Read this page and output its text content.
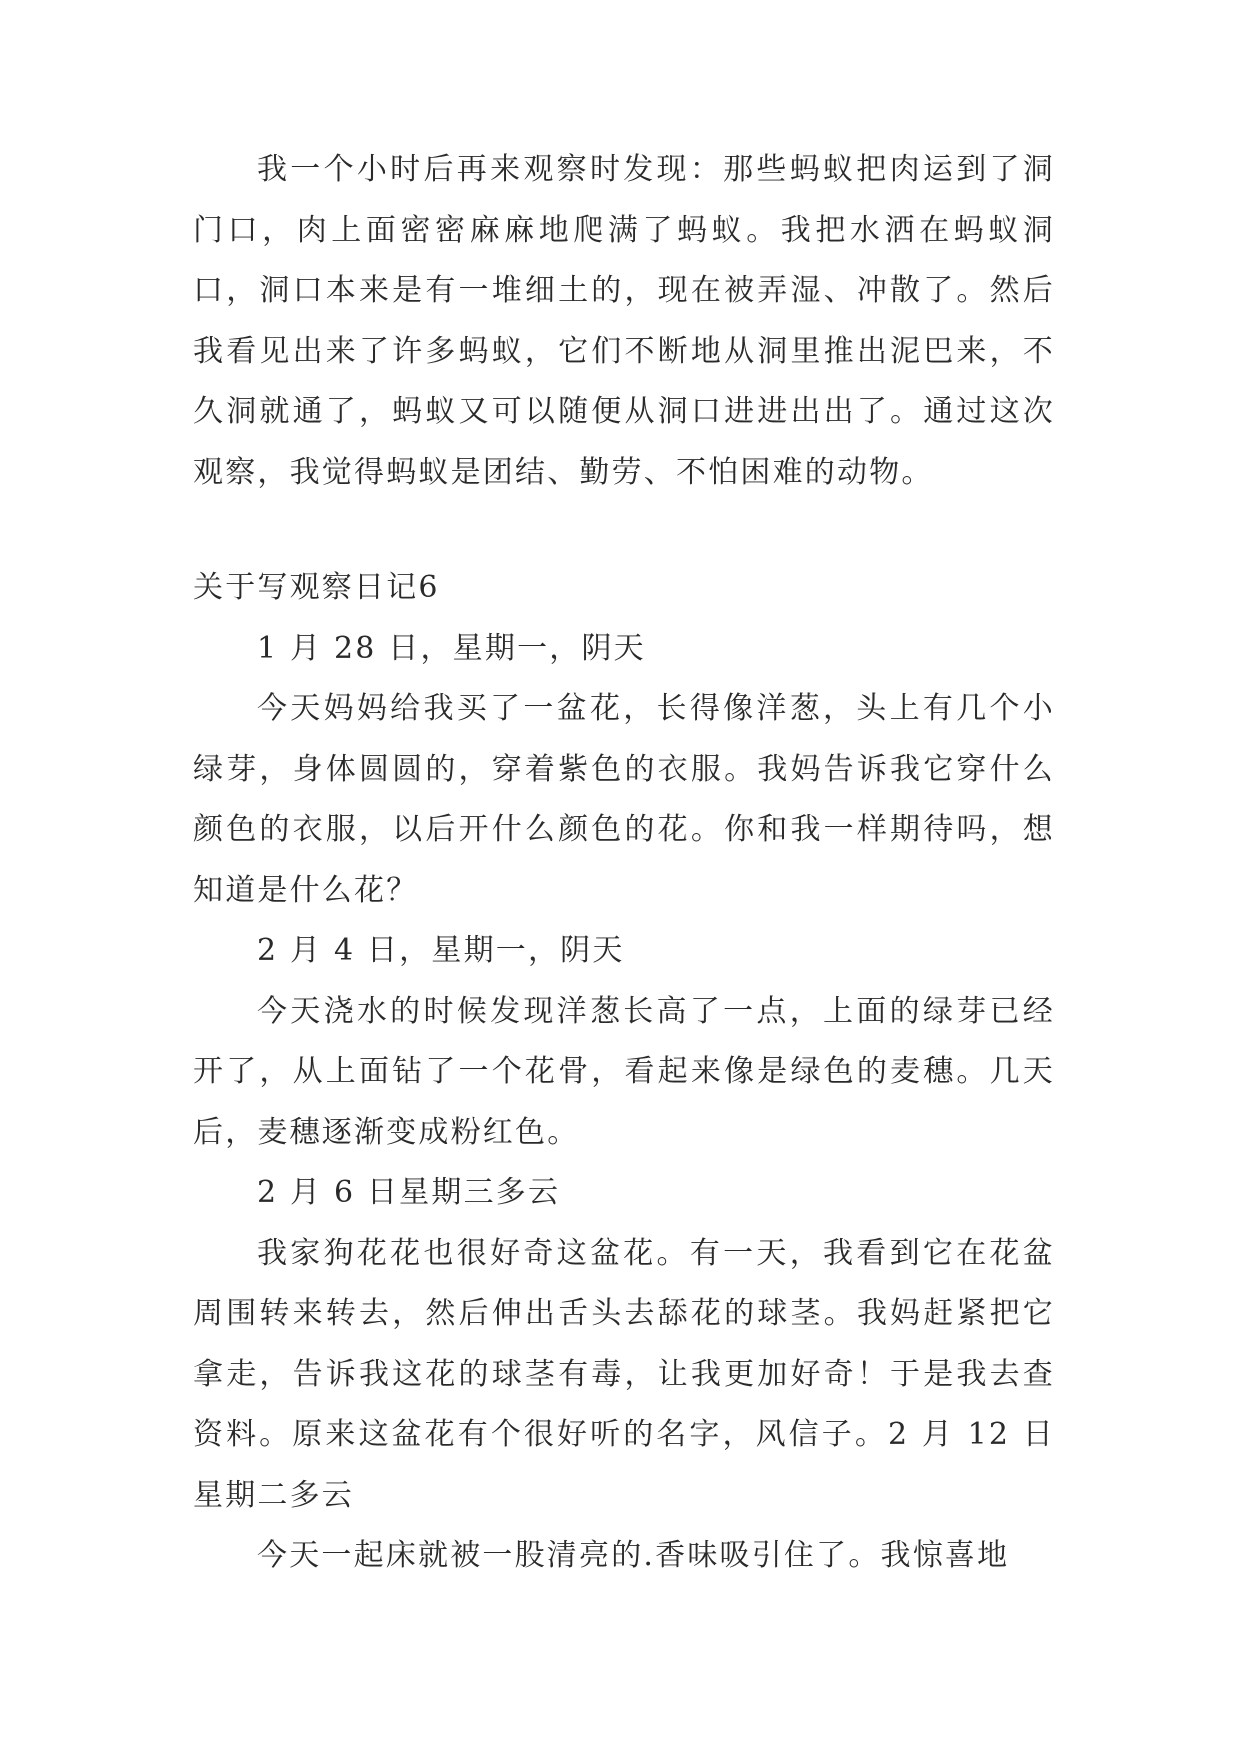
我一个小时后再来观察时发现：那些蚂蚁把肉运到了洞门口，肉上面密密麻麻地爬满了蚂蚁。我把水洒在蚂蚁洞口，洞口本来是有一堆细土的，现在被弄湿、冲散了。然后我看见出来了许多蚂蚁，它们不断地从洞里推出泥巴来，不久洞就通了，蚂蚁又可以随便从洞口进进出出了。通过这次观察，我觉得蚂蚁是团结、勤劳、不怕困难的动物。

关于写观察日记6

1 月 28 日，星期一，阴天

今天妈妈给我买了一盆花，长得像洋葱，头上有几个小绿芽，身体圆圆的，穿着紫色的衣服。我妈告诉我它穿什么颜色的衣服，以后开什么颜色的花。你和我一样期待吗，想知道是什么花？

2 月 4 日，星期一，阴天

今天浇水的时候发现洋葱长高了一点，上面的绿芽已经开了，从上面钻了一个花骨，看起来像是绿色的麦穗。几天后，麦穗逐渐变成粉红色。

2 月 6 日星期三多云

我家狗花花也很好奇这盆花。有一天，我看到它在花盆周围转来转去，然后伸出舌头去舔花的球茎。我妈赶紧把它拿走，告诉我这花的球茎有毒，让我更加好奇！于是我去查资料。原来这盆花有个很好听的名字，风信子。2 月 12 日星期二多云

今天一起床就被一股清亮的.香味吸引住了。我惊喜地
